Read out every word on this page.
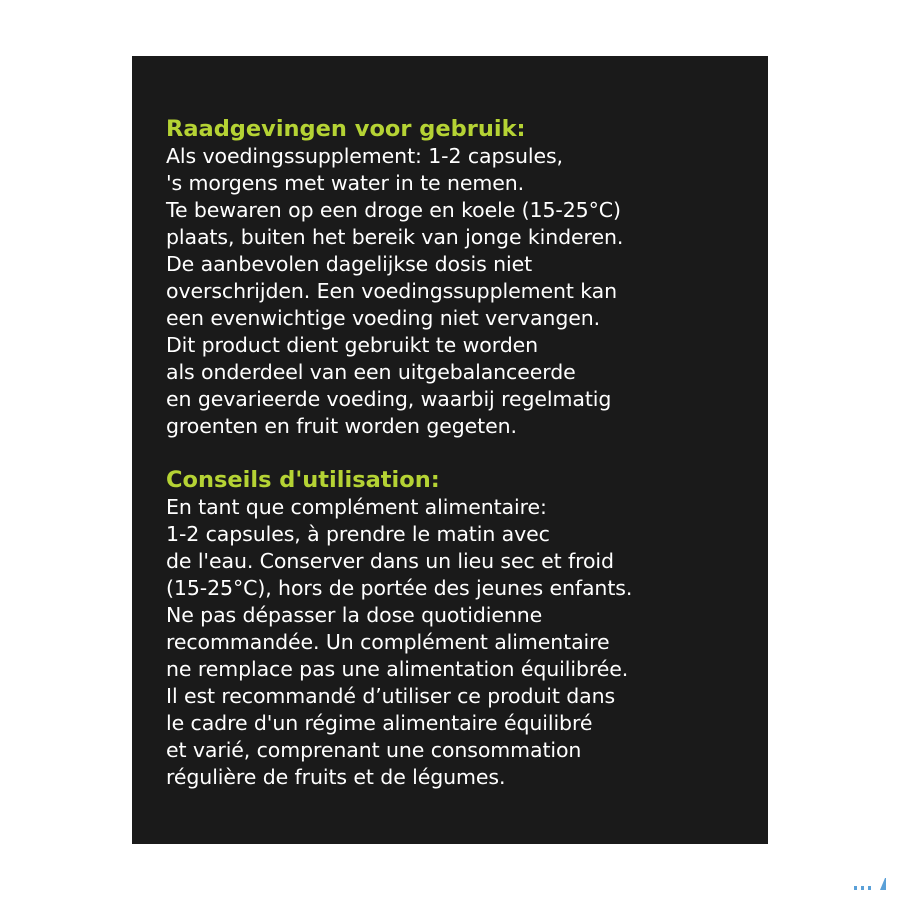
Raadgevingen voor gebruik:
Als voedingssupplement: 1-2 capsules,
's morgens met water in te nemen.
Te bewaren op een droge en koele (15-25°C)
plaats, buiten het bereik van jonge kinderen.
De aanbevolen dagelijkse dosis niet
overschrijden. Een voedingssupplement kan
een evenwichtige voeding niet vervangen.
Dit product dient gebruikt te worden
als onderdeel van een uitgebalanceerde
en gevarieerde voeding, waarbij regelmatig
groenten en fruit worden gegeten.
Conseils d'utilisation:
En tant que complément alimentaire:
1-2 capsules, à prendre le matin avec
de l'eau. Conserver dans un lieu sec et froid
(15-25°C), hors de portée des jeunes enfants.
Ne pas dépasser la dose quotidienne
recommandée. Un complément alimentaire
ne remplace pas une alimentation équilibrée.
Il est recommandé d’utiliser ce produit dans
le cadre d'un régime alimentaire équilibré
et varié, comprenant une consommation
régulière de fruits et de légumes.
